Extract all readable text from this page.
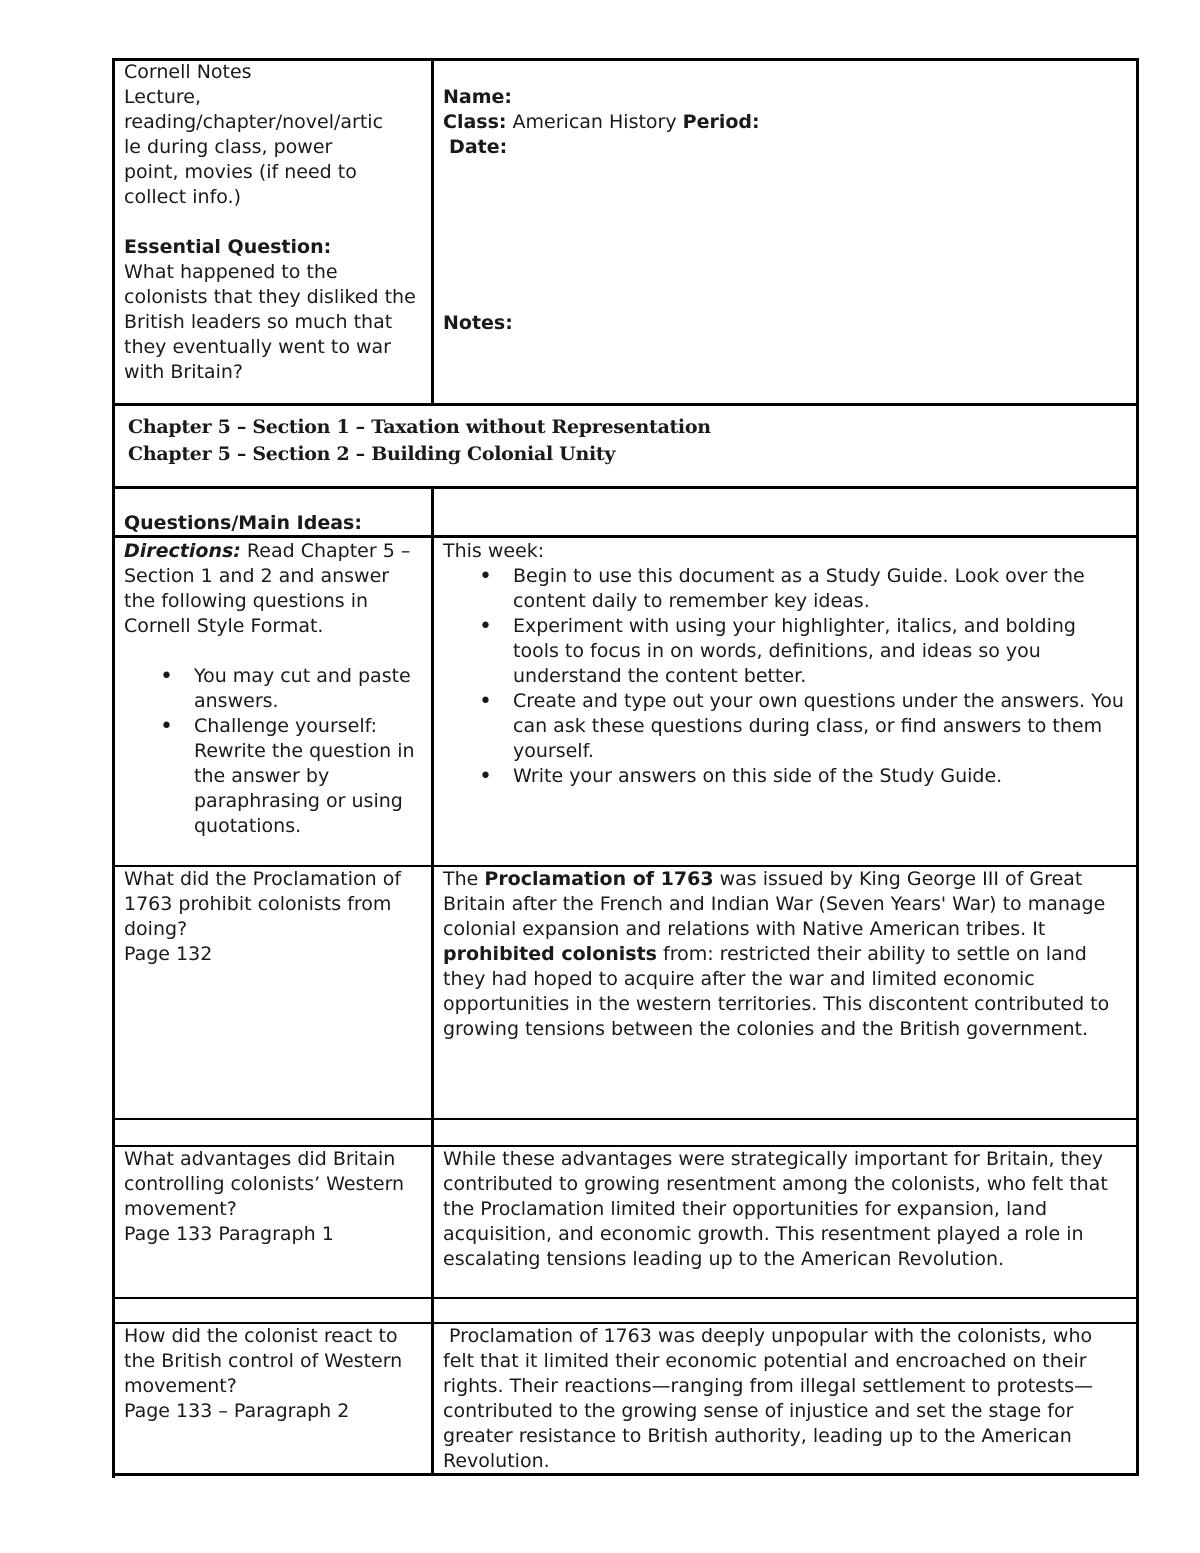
Cornell Notes

Lecture,

reading/chapter/novel/artic

le during class, power

point, movies (if need to

collect info.)

Essential Question:

What happened to the colonists that they disliked the British leaders so much that they eventually went to war with Britain?

Name:

Class: American History Period:

Date:

Notes:

Chapter 5 – Section 1 – Taxation without Representation

Chapter 5 – Section 2 – Building Colonial Unity

Questions/Main Ideas:

Directions: Read Chapter 5 – Section 1 and 2 and answer the following questions in Cornell Style Format.

• You may cut and paste answers.
• Challenge yourself: Rewrite the question in the answer by paraphrasing or using quotations.

This week:

• Begin to use this document as a Study Guide. Look over the content daily to remember key ideas.
• Experiment with using your highlighter, italics, and bolding tools to focus in on words, definitions, and ideas so you understand the content better.
• Create and type out your own questions under the answers. You can ask these questions during class, or find answers to them yourself.
• Write your answers on this side of the Study Guide.

What did the Proclamation of 1763 prohibit colonists from doing?

Page 132

The Proclamation of 1763 was issued by King George III of Great Britain after the French and Indian War (Seven Years' War) to manage colonial expansion and relations with Native American tribes. It prohibited colonists from: restricted their ability to settle on land they had hoped to acquire after the war and limited economic opportunities in the western territories. This discontent contributed to growing tensions between the colonies and the British government.

What advantages did Britain controlling colonists’ Western movement?

Page 133 Paragraph 1

While these advantages were strategically important for Britain, they contributed to growing resentment among the colonists, who felt that the Proclamation limited their opportunities for expansion, land acquisition, and economic growth. This resentment played a role in escalating tensions leading up to the American Revolution.

How did the colonist react to the British control of Western movement?

Page 133 – Paragraph 2

Proclamation of 1763 was deeply unpopular with the colonists, who felt that it limited their economic potential and encroached on their rights. Their reactions—ranging from illegal settlement to protests—contributed to the growing sense of injustice and set the stage for greater resistance to British authority, leading up to the American Revolution.
